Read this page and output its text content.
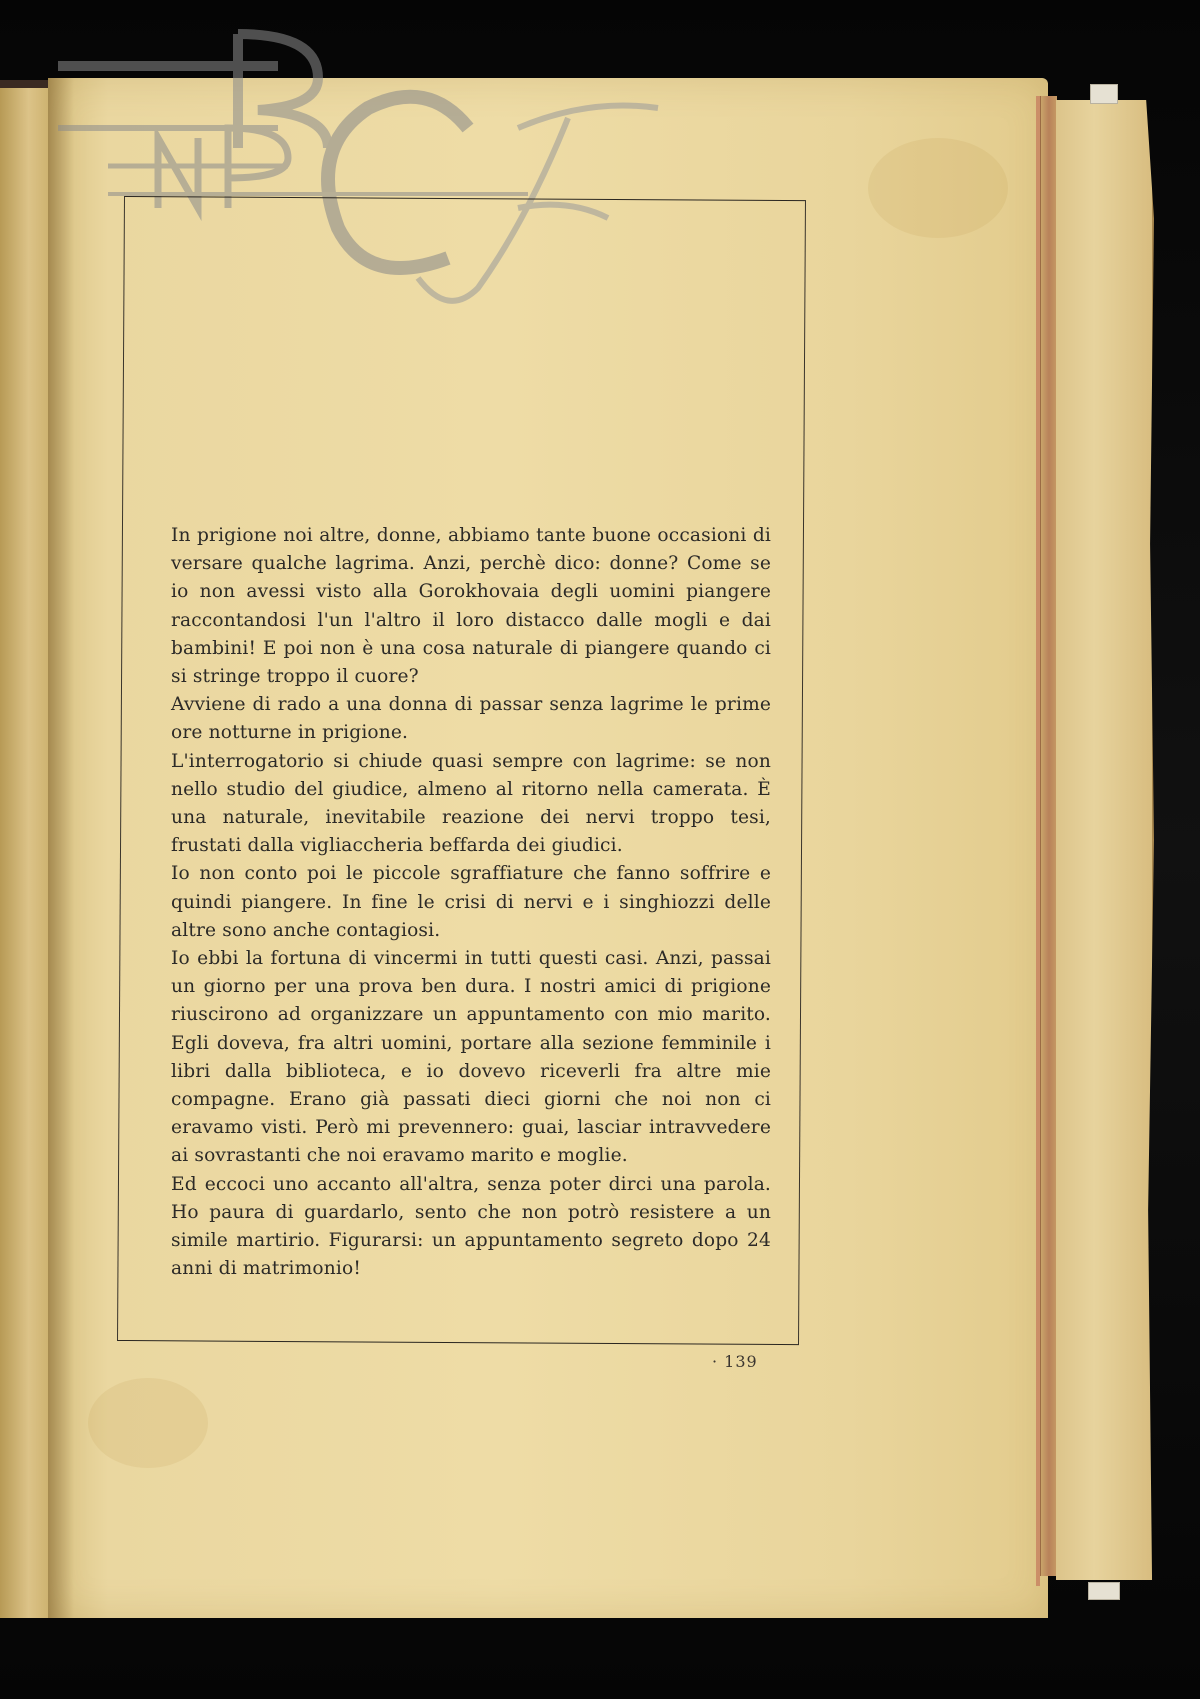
In prigione noi altre, donne, abbiamo tante buone occasioni di versare qualche lagrima. Anzi, perchè dico: donne? Come se io non avessi visto alla Gorokhovaia degli uomini piangere raccontandosi l'un l'altro il loro distacco dalle mogli e dai bambini! E poi non è una cosa naturale di piangere quando ci si stringe troppo il cuore?

Avviene di rado a una donna di passar senza lagrime le prime ore notturne in prigione.

L'interrogatorio si chiude quasi sempre con lagrime: se non nello studio del giudice, almeno al ritorno nella camerata. È una naturale, inevitabile reazione dei nervi troppo tesi, frustati dalla vigliaccheria beffarda dei giudici.

Io non conto poi le piccole sgraffiature che fanno soffrire e quindi piangere. In fine le crisi di nervi e i singhiozzi delle altre sono anche contagiosi.

Io ebbi la fortuna di vincermi in tutti questi casi. Anzi, passai un giorno per una prova ben dura. I nostri amici di prigione riuscirono ad organizzare un appuntamento con mio marito. Egli doveva, fra altri uomini, portare alla sezione femminile i libri dalla biblioteca, e io dovevo riceverli fra altre mie compagne. Erano già passati dieci giorni che noi non ci eravamo visti. Però mi prevennero: guai, lasciar intravvedere ai sovrastanti che noi eravamo marito e moglie.

Ed eccoci uno accanto all'altra, senza poter dirci una parola. Ho paura di guardarlo, sento che non potrò resistere a un simile martirio. Figurarsi: un appuntamento segreto dopo 24 anni di matrimonio!

· 139
